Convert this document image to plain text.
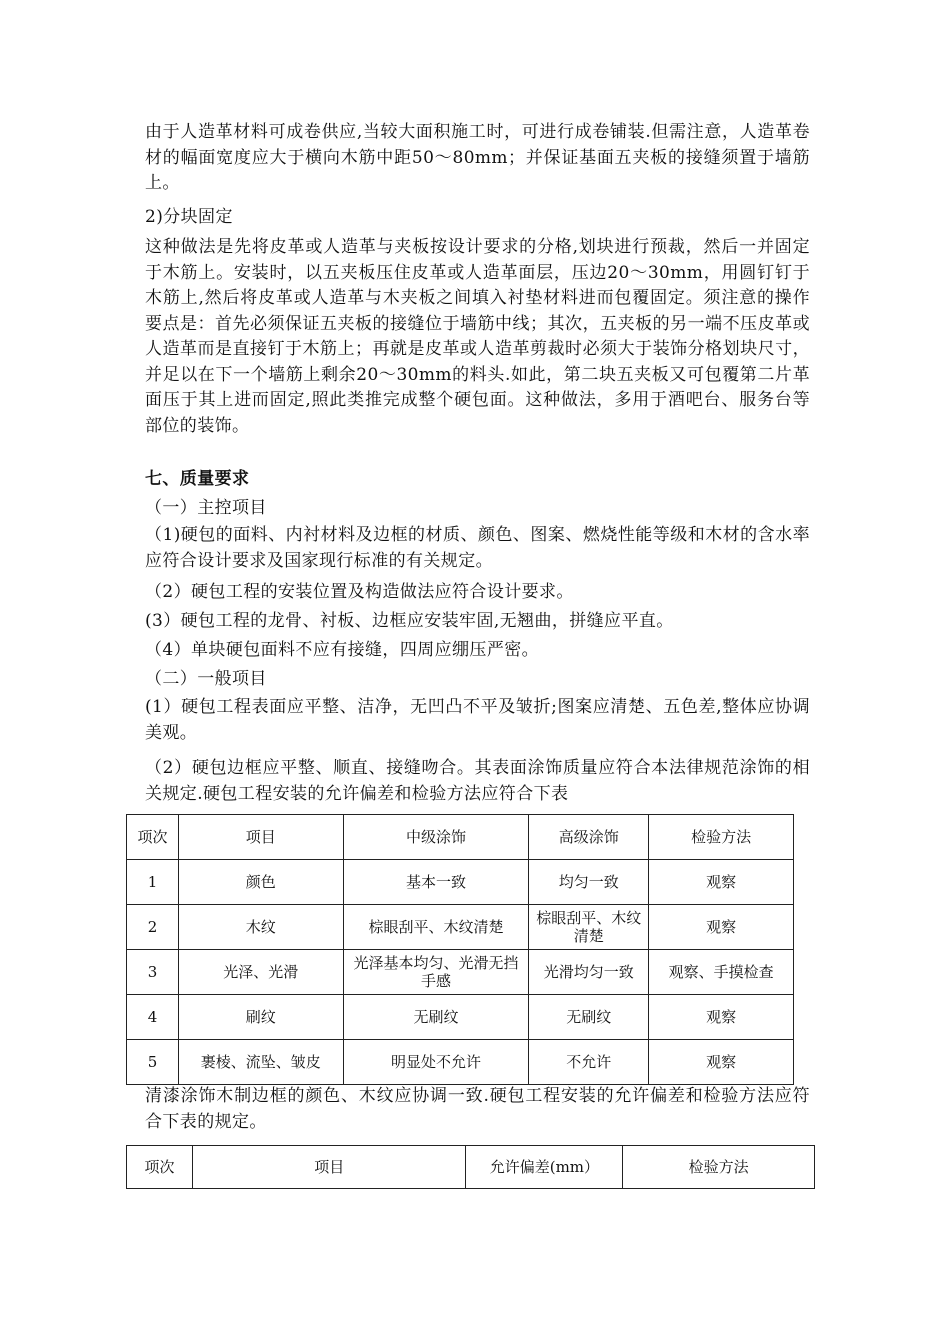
由于人造革材料可成卷供应,当较大面积施工时，可进行成卷铺装.但需注意，人造革卷材的幅面宽度应大于横向木筋中距50～80mm；并保证基面五夹板的接缝须置于墙筋上。

2)分块固定

这种做法是先将皮革或人造革与夹板按设计要求的分格,划块进行预裁，然后一并固定于木筋上。安装时，以五夹板压住皮革或人造革面层，压边20～30mm，用圆钉钉于木筋上,然后将皮革或人造革与木夹板之间填入衬垫材料进而包覆固定。须注意的操作要点是：首先必须保证五夹板的接缝位于墙筋中线；其次，五夹板的另一端不压皮革或人造革而是直接钉于木筋上；再就是皮革或人造革剪裁时必须大于装饰分格划块尺寸，并足以在下一个墙筋上剩余20～30mm的料头.如此，第二块五夹板又可包覆第二片革面压于其上进而固定,照此类推完成整个硬包面。这种做法，多用于酒吧台、服务台等部位的装饰。

七、质量要求

（一）主控项目

（1)硬包的面料、内衬材料及边框的材质、颜色、图案、燃烧性能等级和木材的含水率应符合设计要求及国家现行标准的有关规定。

（2）硬包工程的安装位置及构造做法应符合设计要求。

(3）硬包工程的龙骨、衬板、边框应安装牢固,无翘曲，拼缝应平直。

（4）单块硬包面料不应有接缝，四周应绷压严密。

（二）一般项目

(1）硬包工程表面应平整、洁净，无凹凸不平及皱折;图案应清楚、五色差,整体应协调美观。

（2）硬包边框应平整、顺直、接缝吻合。其表面涂饰质量应符合本法律规范涂饰的相关规定.硬包工程安装的允许偏差和检验方法应符合下表

项次	项目	中级涂饰	高级涂饰	检验方法
1	颜色	基本一致	均匀一致	观察
2	木纹	棕眼刮平、木纹清楚	棕眼刮平、木纹清楚	观察
3	光泽、光滑	光泽基本均匀、光滑无挡手感	光滑均匀一致	观察、手摸检查
4	刷纹	无刷纹	无刷纹	观察
5	裹棱、流坠、皱皮	明显处不允许	不允许	观察

清漆涂饰木制边框的颜色、木纹应协调一致.硬包工程安装的允许偏差和检验方法应符合下表的规定。

项次	项目	允许偏差(mm）	检验方法
